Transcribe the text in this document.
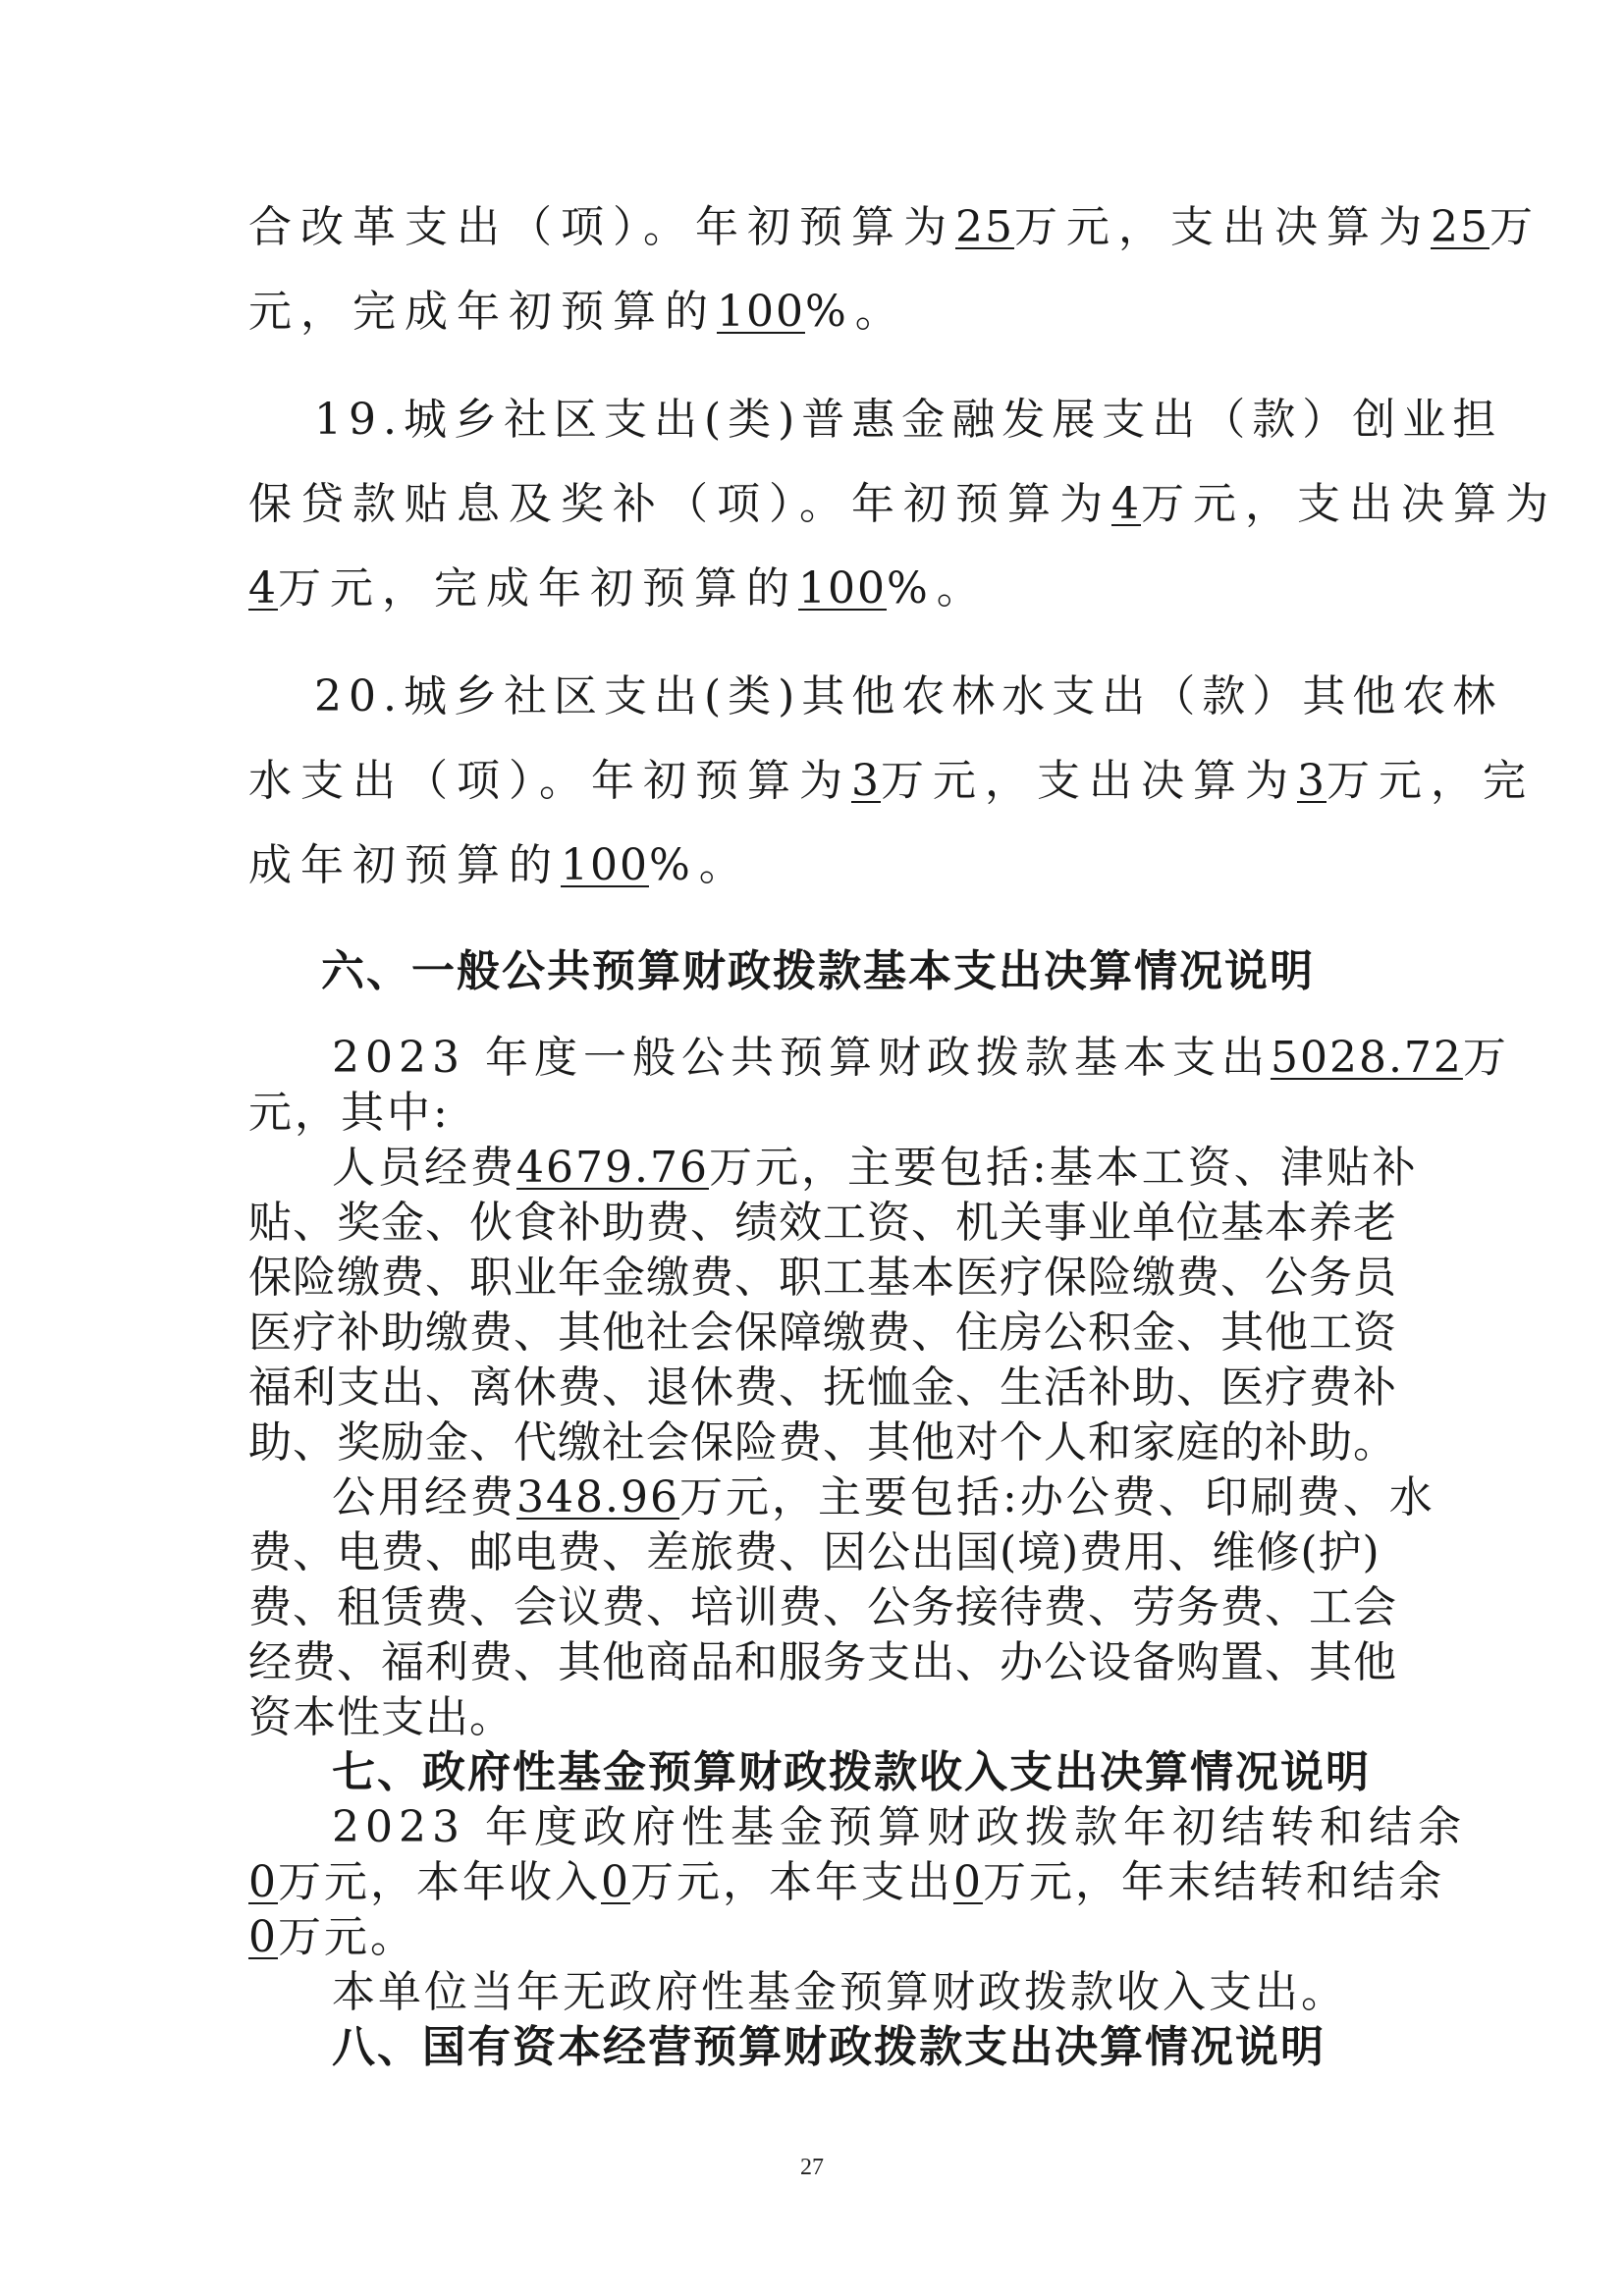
合改革支出（项）。年初预算为25万元，支出决算为25万
元，完成年初预算的100%。
19.城乡社区支出(类)普惠金融发展支出（款）创业担
保贷款贴息及奖补（项）。年初预算为4万元，支出决算为
4万元，完成年初预算的100%。
20.城乡社区支出(类)其他农林水支出（款）其他农林
水支出（项）。年初预算为3万元，支出决算为3万元，完
成年初预算的100%。
六、一般公共预算财政拨款基本支出决算情况说明
2023 年度一般公共预算财政拨款基本支出5028.72万
元，其中:
人员经费4679.76万元，主要包括:基本工资、津贴补
贴、奖金、伙食补助费、绩效工资、机关事业单位基本养老
保险缴费、职业年金缴费、职工基本医疗保险缴费、公务员
医疗补助缴费、其他社会保障缴费、住房公积金、其他工资
福利支出、离休费、退休费、抚恤金、生活补助、医疗费补
助、奖励金、代缴社会保险费、其他对个人和家庭的补助。
公用经费348.96万元，主要包括:办公费、印刷费、水
费、电费、邮电费、差旅费、因公出国(境)费用、维修(护)
费、租赁费、会议费、培训费、公务接待费、劳务费、工会
经费、福利费、其他商品和服务支出、办公设备购置、其他
资本性支出。
七、政府性基金预算财政拨款收入支出决算情况说明
2023 年度政府性基金预算财政拨款年初结转和结余
0万元，本年收入0万元，本年支出0万元，年末结转和结余
0万元。
本单位当年无政府性基金预算财政拨款收入支出。
八、国有资本经营预算财政拨款支出决算情况说明
27
